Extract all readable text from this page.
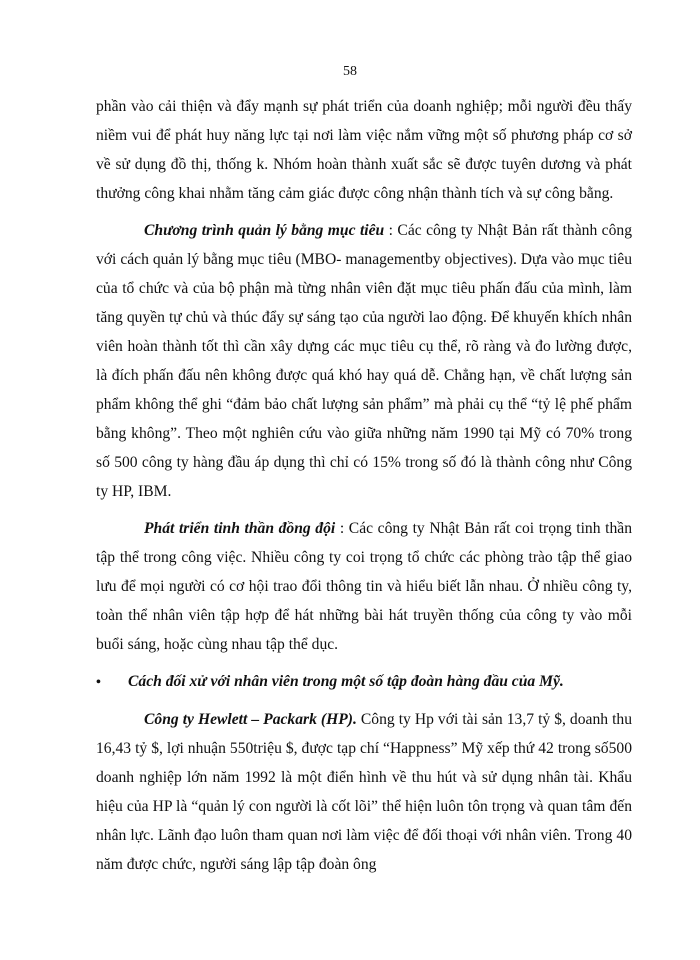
58

phần vào cải thiện và đẩy mạnh sự phát triển của doanh nghiệp; mỗi người đều thấy niềm vui để phát huy năng lực tại nơi làm việc nắm vững một số phương pháp cơ sở về sử dụng đồ thị, thống k. Nhóm hoàn thành xuất sắc sẽ được tuyên dương và phát thưởng công khai nhằm tăng cảm giác được công nhận thành tích và sự công bằng.

Chương trình quản lý bằng mục tiêu : Các công ty Nhật Bản rất thành công với cách quản lý bằng mục tiêu (MBO- managementby objectives). Dựa vào mục tiêu của tổ chức và của bộ phận mà từng nhân viên đặt mục tiêu phấn đấu của mình, làm tăng quyền tự chủ và thúc đẩy sự sáng tạo của người lao động. Để khuyến khích nhân viên hoàn thành tốt thì cần xây dựng các mục tiêu cụ thể, rõ ràng và đo lường được, là đích phấn đấu nên không được quá khó hay quá dễ. Chẳng hạn, về chất lượng sản phẩm không thể ghi “đảm bảo chất lượng sản phẩm” mà phải cụ thể “tỷ lệ phế phẩm bằng không”. Theo một nghiên cứu vào giữa những năm 1990 tại Mỹ có 70% trong số 500 công ty hàng đầu áp dụng thì chỉ có 15% trong số đó là thành công như Công ty HP, IBM.

Phát triển tinh thần đồng đội : Các công ty Nhật Bản rất coi trọng tinh thần tập thể trong công việc. Nhiều công ty coi trọng tổ chức các phòng trào tập thể giao lưu để mọi người có cơ hội trao đổi thông tin và hiểu biết lẫn nhau. Ở nhiều công ty, toàn thể nhân viên tập hợp để hát những bài hát truyền thống của công ty vào mỗi buổi sáng, hoặc cùng nhau tập thể dục.

•	Cách đối xử với nhân viên trong một số tập đoàn hàng đầu của Mỹ.

Công ty Hewlett – Packark (HP). Công ty Hp với tài sản 13,7 tỷ $, doanh thu 16,43 tỷ $, lợi nhuận 550triệu $, được tạp chí “Happness” Mỹ xếp thứ 42 trong số500 doanh nghiệp lớn năm 1992 là một điển hình về thu hút và sử dụng nhân tài. Khẩu hiệu của HP là “quản lý con người là cốt lõi” thể hiện luôn tôn trọng và quan tâm đến nhân lực. Lãnh đạo luôn tham quan nơi làm việc để đối thoại với nhân viên. Trong 40 năm được chức, người sáng lập tập đoàn ông
